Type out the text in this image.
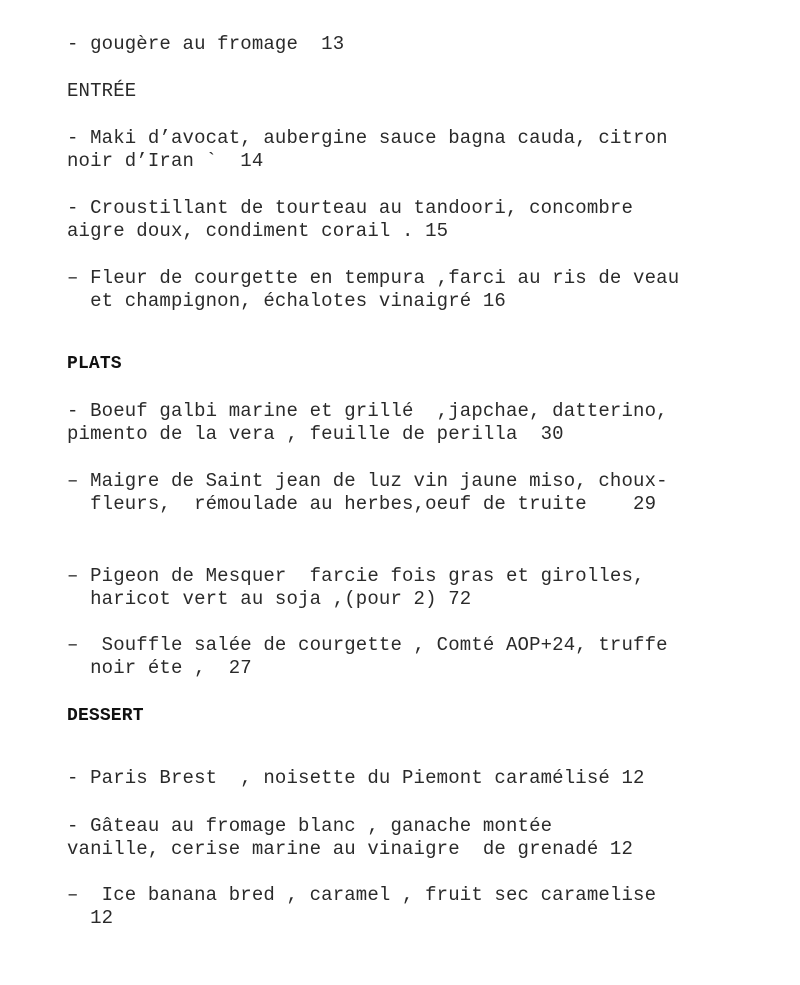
- gougère au fromage  13
ENTRÉE
- Maki d’avocat, aubergine sauce bagna cauda, citron
noir d’Iran `  14
- Croustillant de tourteau au tandoori, concombre
aigre doux, condiment corail . 15
– Fleur de courgette en tempura ,farci au ris de veau
et champignon, échalotes vinaigré 16
PLATS
- Boeuf galbi marine et grillé  ,japchae, datterino,
pimento de la vera , feuille de perilla  30
– Maigre de Saint jean de luz vin jaune miso, choux-
fleurs,  rémoulade au herbes,oeuf de truite    29
– Pigeon de Mesquer  farcie fois gras et girolles,
haricot vert au soja ,(pour 2) 72
–  Souffle salée de courgette , Comté AOP+24, truffe
noir éte ,  27
DESSERT
- Paris Brest  , noisette du Piemont caramélisé 12
- Gâteau au fromage blanc , ganache montée
vanille, cerise marine au vinaigre  de grenadé 12
–  Ice banana bred , caramel , fruit sec caramelise
12
